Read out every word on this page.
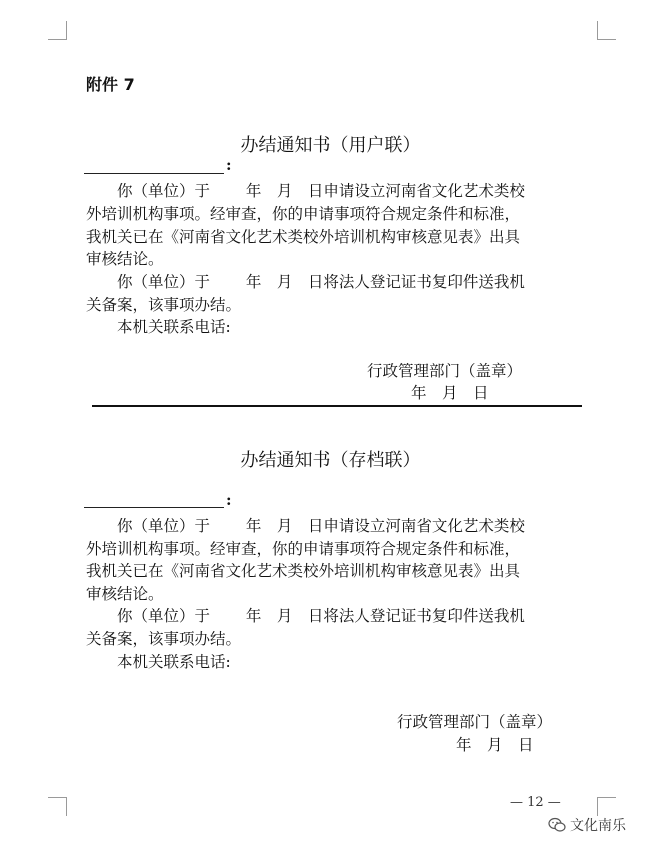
附件 7
办结通知书（用户联）
:
　　你（单位）于　　 年　月　日申请设立河南省文化艺术类校
外培训机构事项。经审查，你的申请事项符合规定条件和标准，
我机关已在《河南省文化艺术类校外培训机构审核意见表》出具
审核结论。
　　你（单位）于　　 年　月　日将法人登记证书复印件送我机
关备案，该事项办结。
　　本机关联系电话:
行政管理部门（盖章）
年　月　日
办结通知书（存档联）
:
　　你（单位）于　　 年　月　日申请设立河南省文化艺术类校
外培训机构事项。经审查，你的申请事项符合规定条件和标准，
我机关已在《河南省文化艺术类校外培训机构审核意见表》出具
审核结论。
　　你（单位）于　　 年　月　日将法人登记证书复印件送我机
关备案，该事项办结。
　　本机关联系电话:
行政管理部门（盖章）
年　月　日
— 12 —
文化南乐
